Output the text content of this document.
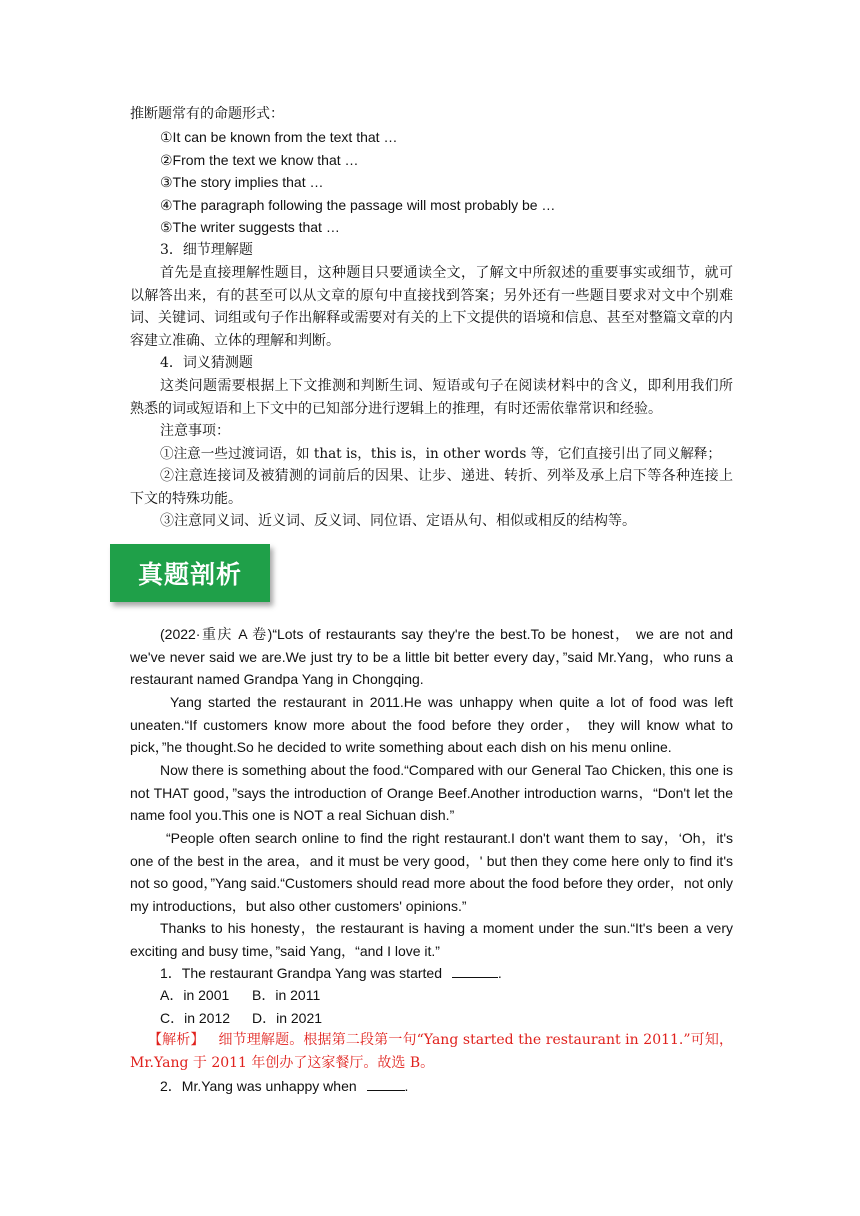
推断题常有的命题形式：
①It can be known from the text that …
②From the text we know that …
③The story implies that …
④The paragraph following the passage will most probably be …
⑤The writer suggests that …
3．细节理解题
首先是直接理解性题目，这种题目只要通读全文，了解文中所叙述的重要事实或细节，就可以解答出来，有的甚至可以从文章的原句中直接找到答案；另外还有一些题目要求对文中个别难词、关键词、词组或句子作出解释或需要对有关的上下文提供的语境和信息、甚至对整篇文章的内容建立准确、立体的理解和判断。
4．词义猜测题
这类问题需要根据上下文推测和判断生词、短语或句子在阅读材料中的含义，即利用我们所熟悉的词或短语和上下文中的已知部分进行逻辑上的推理，有时还需依靠常识和经验。
注意事项：
①注意一些过渡词语，如 that is，this is，in other words 等，它们直接引出了同义解释；
②注意连接词及被猜测的词前后的因果、让步、递进、转折、列举及承上启下等各种连接上下文的特殊功能。
③注意同义词、近义词、反义词、同位语、定语从句、相似或相反的结构等。
(2022·重庆 A 卷)“Lots of restaurants say they're the best.To be honest， we are not and we've never said we are.We just try to be a little bit better every day，”said Mr.Yang，who runs a restaurant named Grandpa Yang in Chongqing.
Yang started the restaurant in 2011.He was unhappy when quite a lot of food was left uneaten.“If customers know more about the food before they order， they will know what to pick，”he thought.So he decided to write something about each dish on his menu online.
Now there is something about the food.“Compared with our General Tao Chicken, this one is not THAT good，”says the introduction of Orange Beef.Another introduction warns，“Don't let the name fool you.This one is NOT a real Sichuan dish.”
“People often search online to find the right restaurant.I don't want them to say，‘Oh，it's one of the best in the area，and it must be very good，' but then they come here only to find it's not so good，”Yang said.“Customers should read more about the food before they order，not only my introductions，but also other customers' opinions.”
Thanks to his honesty，the restaurant is having a moment under the sun.“It's been a very exciting and busy time，”said Yang，“and I love it.”
1．The restaurant Grandpa Yang was started	.
A．in 2001 B．in 2011
C．in 2012 D．in 2021
【解析】 细节理解题。根据第二段第一句“Yang started the restaurant in 2011.”可知，Mr.Yang 于 2011 年创办了这家餐厅。故选 B。
2．Mr.Yang was unhappy when	.
真题剖析
